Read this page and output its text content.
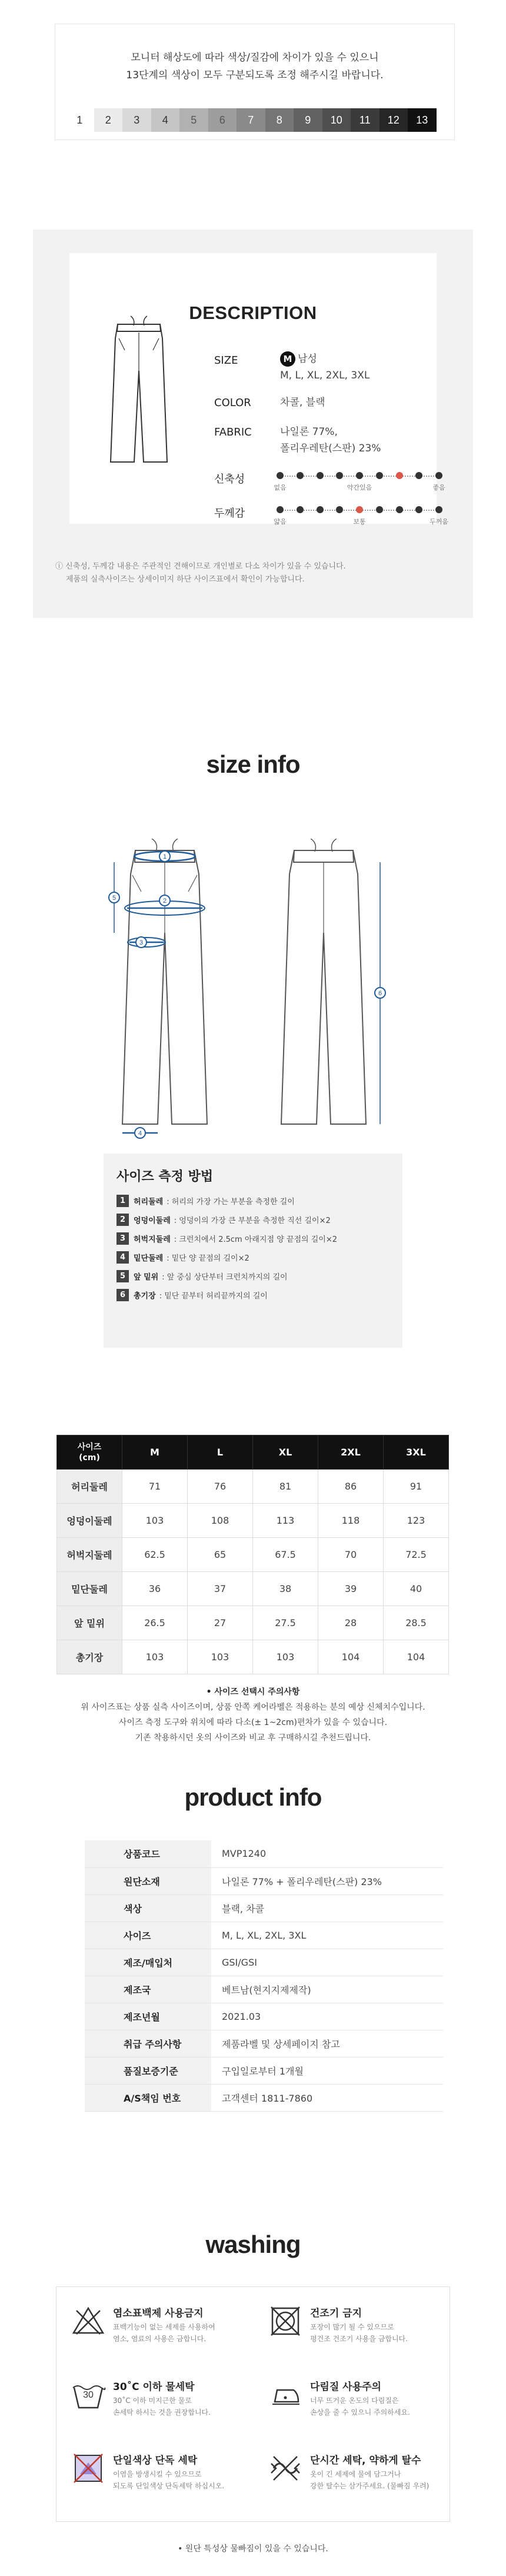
모니터 해상도에 따라 색상/질감에 차이가 있을 수 있으니
13단계의 색상이 모두 구분되도록 조정 해주시길 바랍니다.
1	2	3	4	5	6	7	8	9	10	11	12	13
DESCRIPTION
SIZE	M 남성
M, L, XL, 2XL, 3XL
COLOR	차콜, 블랙
FABRIC	나일론 77%,
폴리우레탄(스판) 23%
신축성
없음	약간있음	좋음
두께감
얇음	보통	두꺼움
ⓘ 신축성, 두께감 내용은 주관적인 견해이므로 개인별로 다소 차이가 있을 수 있습니다.
제품의 실측사이즈는 상세이미지 하단 사이즈표에서 확인이 가능합니다.
size info
1
2
3
4
5
6
사이즈 측정 방법
1	허리둘레 : 허리의 가장 가는 부분을 측정한 길이
2	엉덩이둘레 : 엉덩이의 가장 큰 부분을 측정한 직선 길이×2
3	허벅지둘레 : 크런치에서 2.5cm 아래지점 양 끝점의 길이×2
4	밑단둘레 : 밑단 양 끝점의 길이×2
5	앞 밑위 : 앞 중심 상단부터 크런치까지의 길이
6	총기장 : 밑단 끝부터 허리끝까지의 길이
사이즈
(cm)	M	L	XL	2XL	3XL
허리둘레	71	76	81	86	91
엉덩이둘레	103	108	113	118	123
허벅지둘레	62.5	65	67.5	70	72.5
밑단둘레	36	37	38	39	40
앞 밑위	26.5	27	27.5	28	28.5
총기장	103	103	103	104	104
• 사이즈 선택시 주의사항
위 사이즈표는 상품 실측 사이즈이며, 상품 안쪽 케어라벨은 적용하는 분의 예상 신체치수입니다.
사이즈 측정 도구와 위치에 따라 다소(± 1~2cm)편차가 있을 수 있습니다.
기존 착용하시던 옷의 사이즈와 비교 후 구매하시길 추천드립니다.
product info
상품코드	MVP1240
원단소재	나일론 77% + 폴리우레탄(스판) 23%
색상	블랙, 차콜
사이즈	M, L, XL, 2XL, 3XL
제조/매입처	GSI/GSI
제조국	베트남(현지지제제작)
제조년월	2021.03
취급 주의사항	제품라벨 및 상세페이지 참고
품질보증기준	구입일로부터 1개월
A/S책임 번호	고객센터 1811-7860
washing
염소표백제 사용금지
표백기능이 없는 세제를 사용하여
염소, 염료의 사용은 금합니다.
건조기 금지
포장이 많기 될 수 있으므로
평건조 건조기 사용을 금합니다.
30
30˚C 이하 물세탁
30˚C 이하 미지근한 물로
손세탁 하시는 것을 권장합니다.
다림질 사용주의
너무 뜨거운 온도의 다림질은
손상을 줄 수 있으니 주의하세요.
단일색상 단독 세탁
이염을 방생시킬 수 있으므로
되도록 단일색상 단독세탁 하십시오.
단시간 세탁, 약하게 탈수
옷이 긴 세제에 물에 담그거나
강한 탈수는 삼가주세요. (물빠짐 우려)
• 원단 특성상 물빠짐이 있을 수 있습니다.
